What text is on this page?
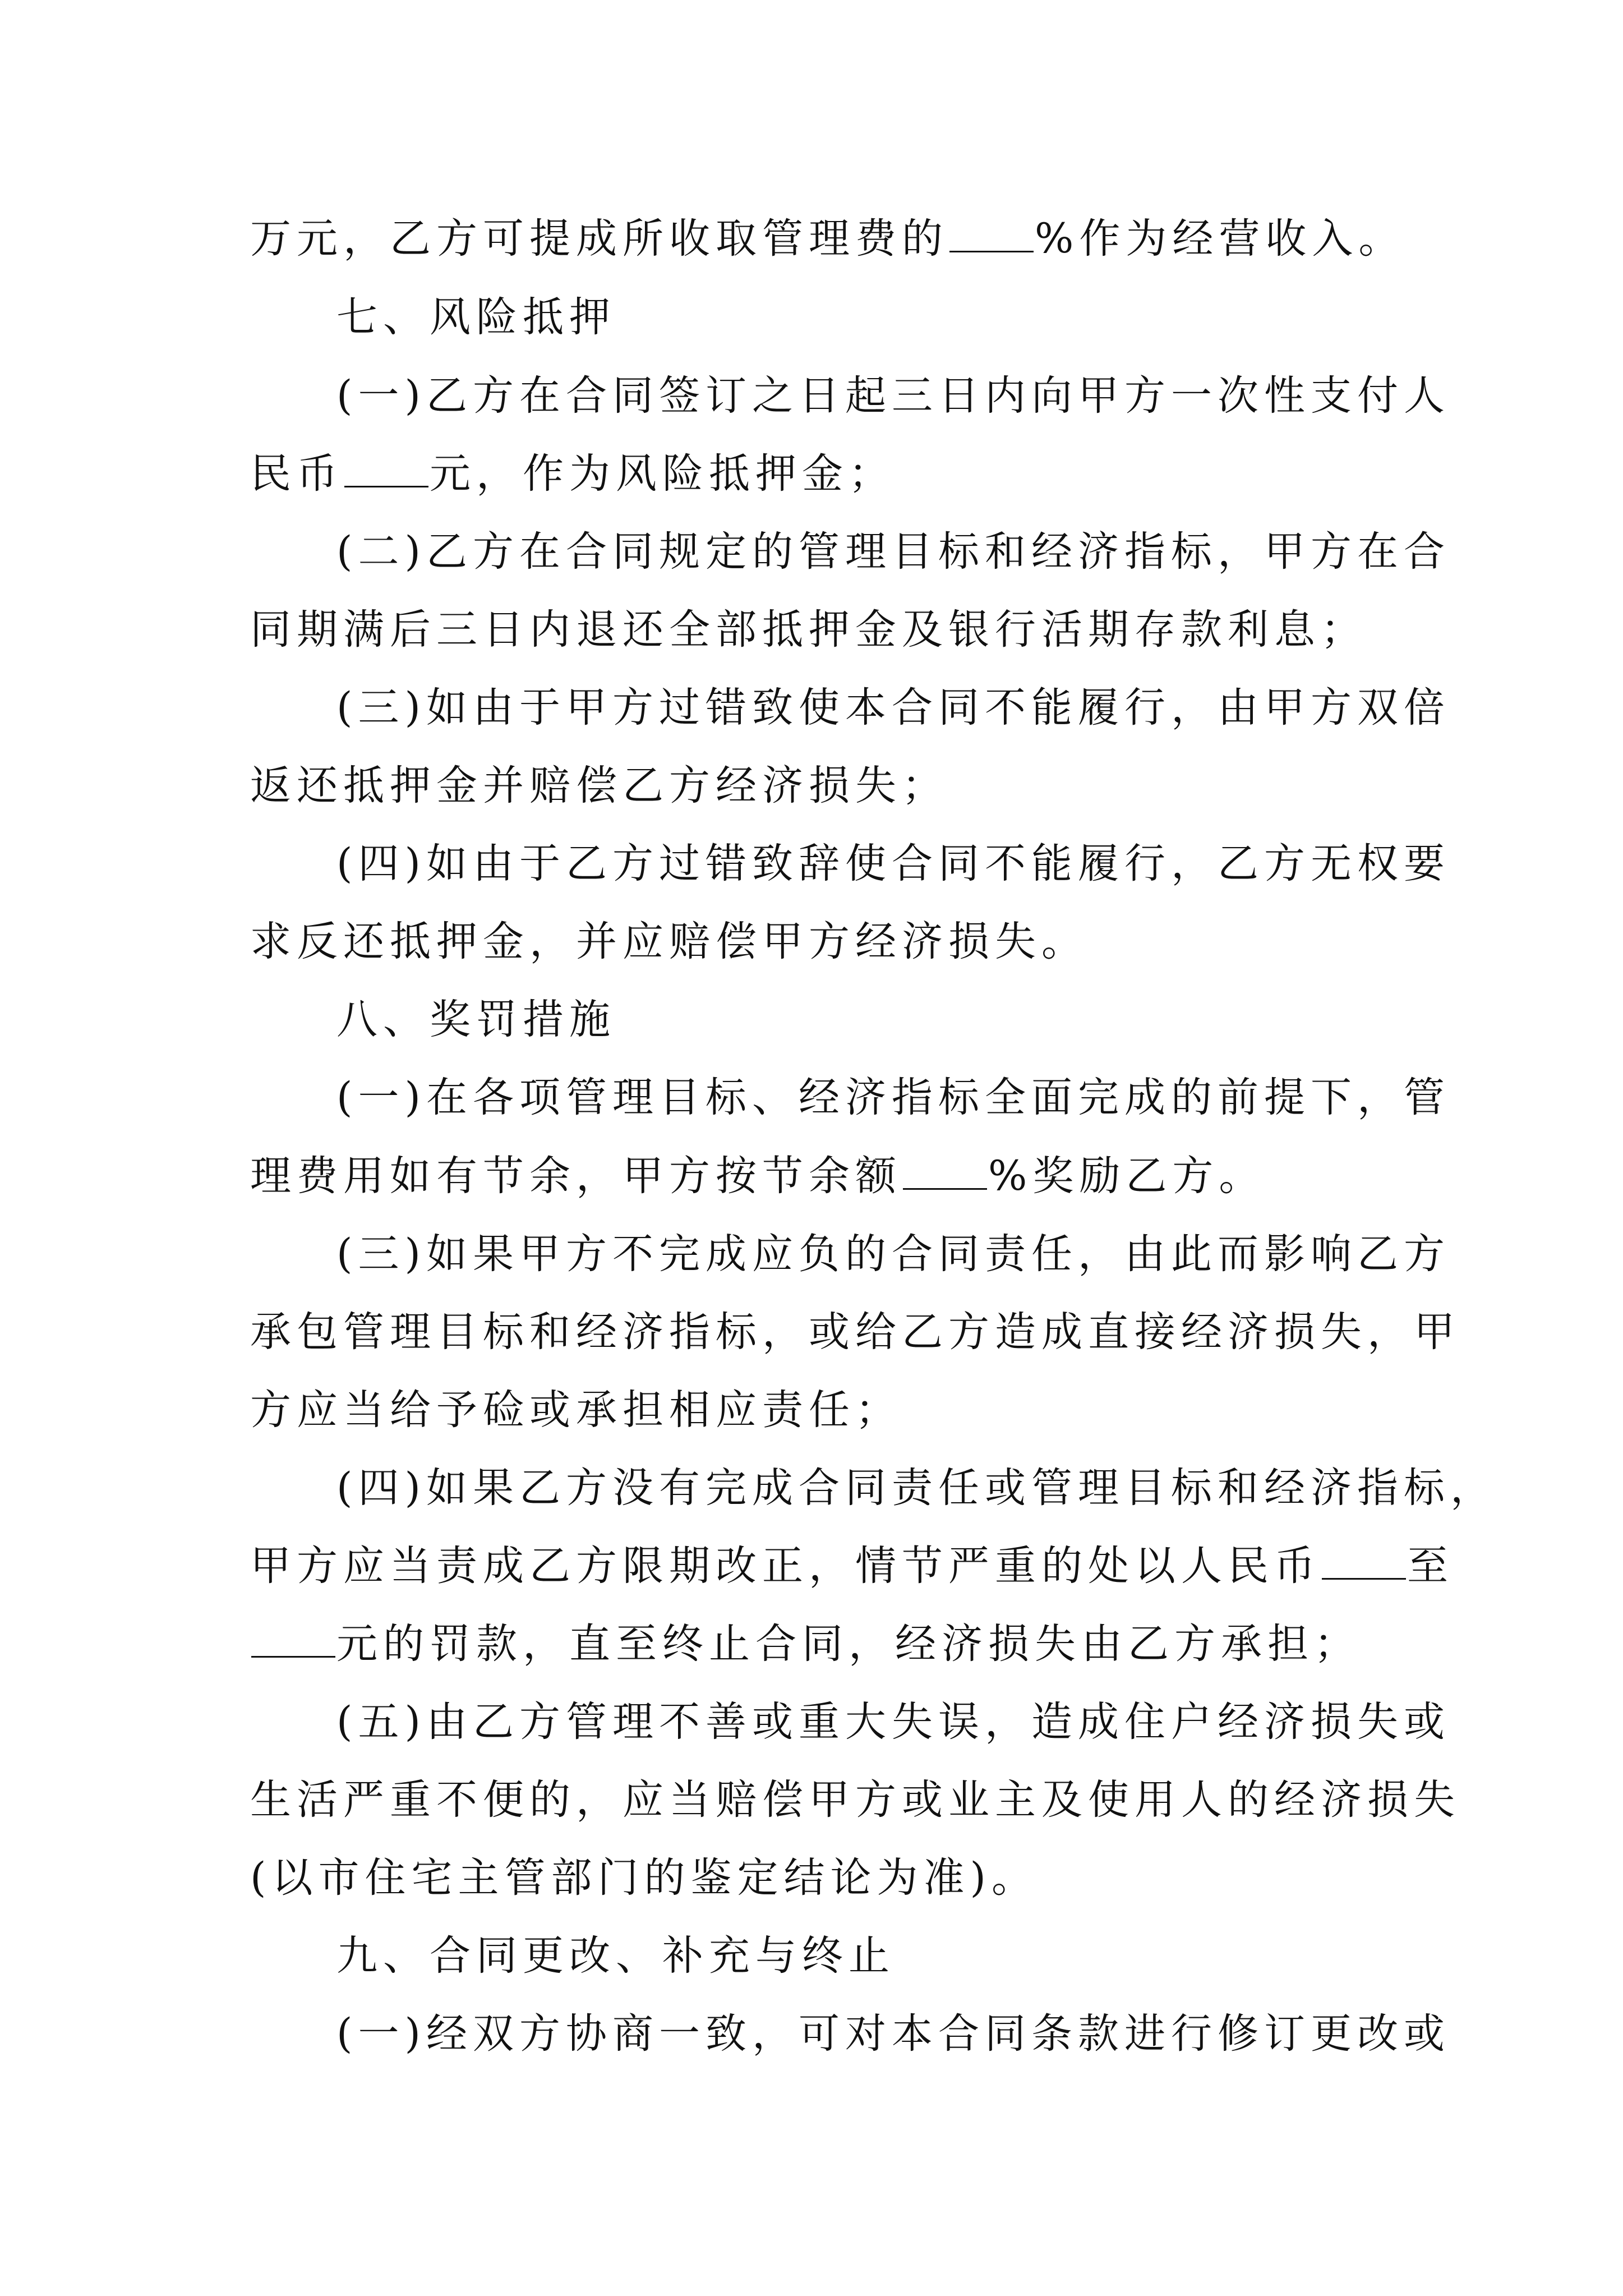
万元，乙方可提成所收取管理费的 %作为经营收入。
七、风险抵押
(一)乙方在合同签订之日起三日内向甲方一次性支付人
民币 元，作为风险抵押金；
(二)乙方在合同规定的管理目标和经济指标，甲方在合
同期满后三日内退还全部抵押金及银行活期存款利息；
(三)如由于甲方过错致使本合同不能履行，由甲方双倍
返还抵押金并赔偿乙方经济损失；
(四)如由于乙方过错致辞使合同不能履行，乙方无权要
求反还抵押金，并应赔偿甲方经济损失。
八、奖罚措施
(一)在各项管理目标、经济指标全面完成的前提下，管
理费用如有节余，甲方按节余额 %奖励乙方。
(三)如果甲方不完成应负的合同责任，由此而影响乙方
承包管理目标和经济指标，或给乙方造成直接经济损失，甲
方应当给予硷或承担相应责任；
(四)如果乙方没有完成合同责任或管理目标和经济指标，
甲方应当责成乙方限期改正，情节严重的处以人民币 至
元的罚款，直至终止合同，经济损失由乙方承担；
(五)由乙方管理不善或重大失误，造成住户经济损失或
生活严重不便的，应当赔偿甲方或业主及使用人的经济损失
(以市住宅主管部门的鉴定结论为准)。
九、合同更改、补充与终止
(一)经双方协商一致，可对本合同条款进行修订更改或
